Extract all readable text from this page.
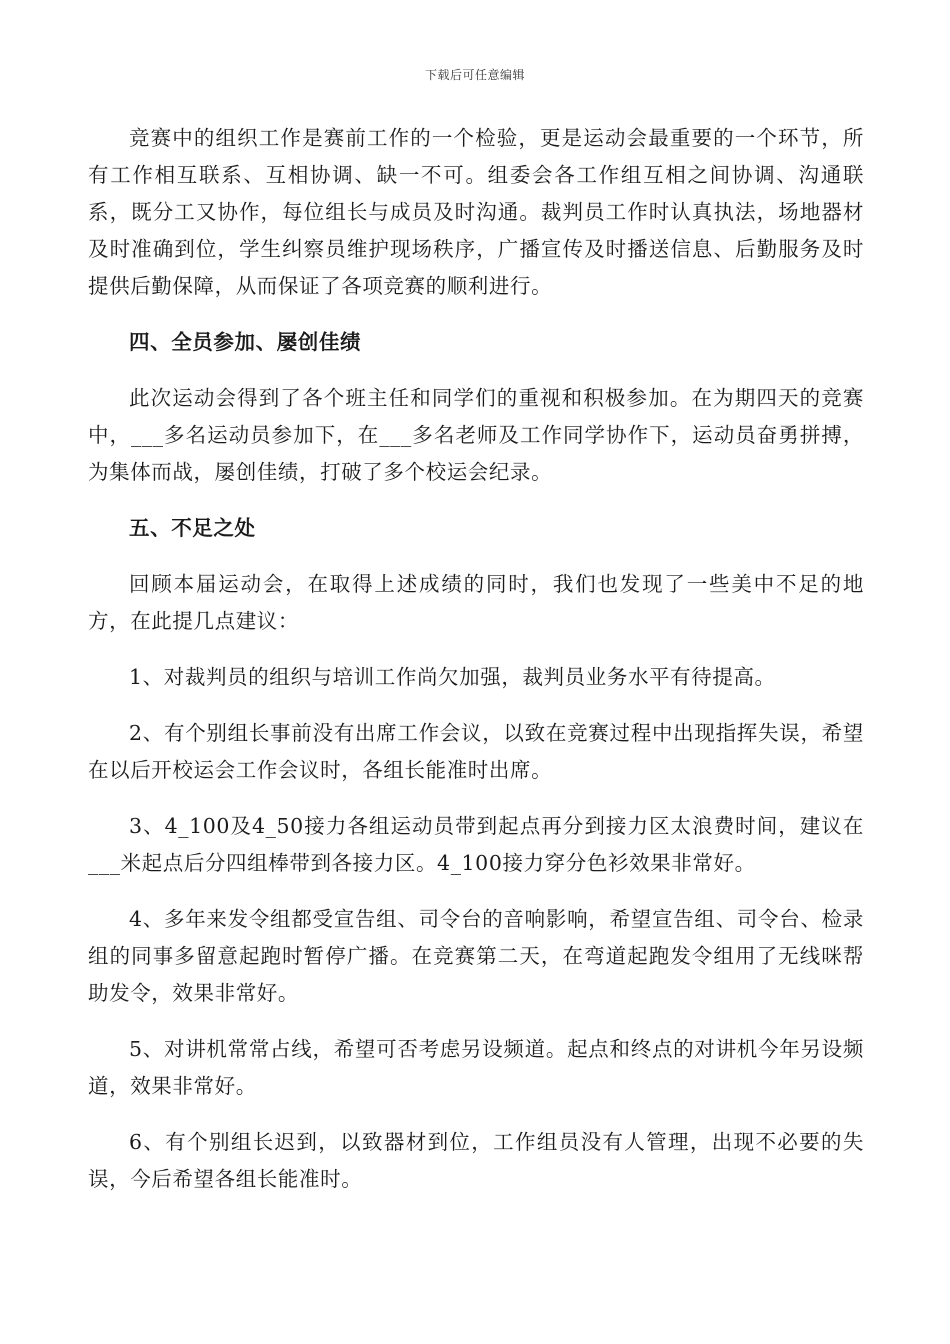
下载后可任意编辑

竞赛中的组织工作是赛前工作的一个检验，更是运动会最重要的一个环节，所有工作相互联系、互相协调、缺一不可。组委会各工作组互相之间协调、沟通联系，既分工又协作，每位组长与成员及时沟通。裁判员工作时认真执法，场地器材及时准确到位，学生纠察员维护现场秩序，广播宣传及时播送信息、后勤服务及时提供后勤保障，从而保证了各项竞赛的顺利进行。

四、全员参加、屡创佳绩

此次运动会得到了各个班主任和同学们的重视和积极参加。在为期四天的竞赛中，___多名运动员参加下，在___多名老师及工作同学协作下，运动员奋勇拼搏，为集体而战，屡创佳绩，打破了多个校运会纪录。

五、不足之处

回顾本届运动会，在取得上述成绩的同时，我们也发现了一些美中不足的地方，在此提几点建议：

1、对裁判员的组织与培训工作尚欠加强，裁判员业务水平有待提高。

2、有个别组长事前没有出席工作会议，以致在竞赛过程中出现指挥失误，希望在以后开校运会工作会议时，各组长能准时出席。

3、4_100及4_50接力各组运动员带到起点再分到接力区太浪费时间，建议在___米起点后分四组棒带到各接力区。4_100接力穿分色衫效果非常好。

4、多年来发令组都受宣告组、司令台的音响影响，希望宣告组、司令台、检录组的同事多留意起跑时暂停广播。在竞赛第二天，在弯道起跑发令组用了无线咪帮助发令，效果非常好。

5、对讲机常常占线，希望可否考虑另设频道。起点和终点的对讲机今年另设频道，效果非常好。

6、有个别组长迟到，以致器材到位，工作组员没有人管理，出现不必要的失误，今后希望各组长能准时。
